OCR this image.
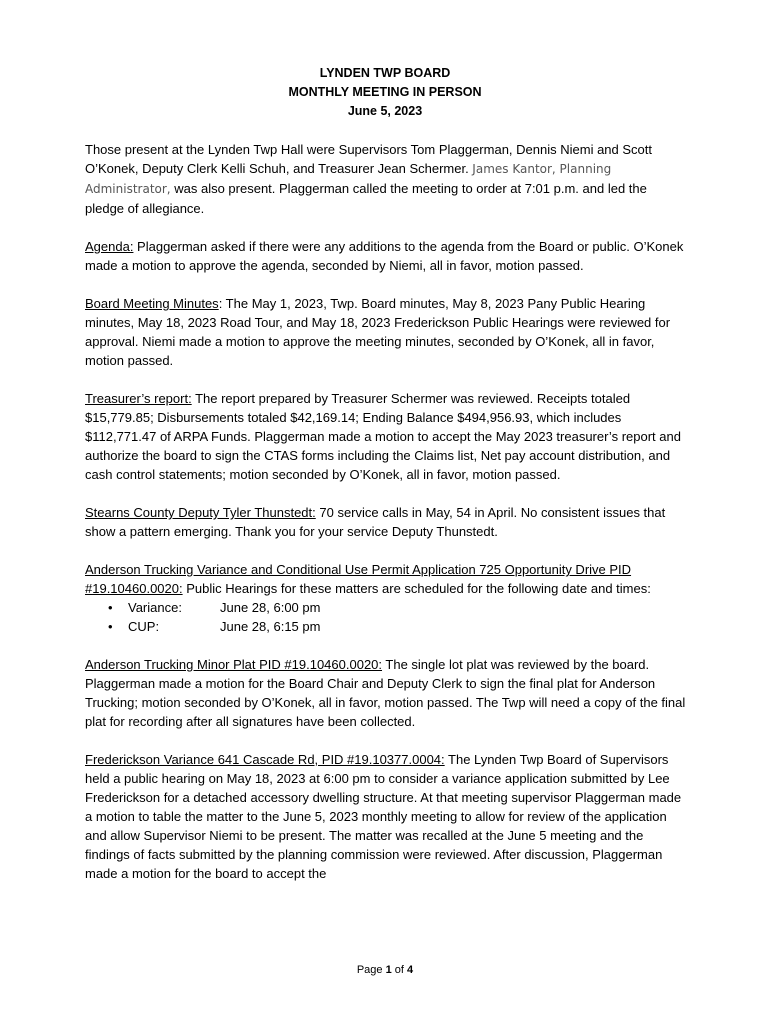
LYNDEN TWP BOARD
MONTHLY MEETING IN PERSON
June 5, 2023

Those present at the Lynden Twp Hall were Supervisors Tom Plaggerman, Dennis Niemi and Scott O’Konek, Deputy Clerk Kelli Schuh, and Treasurer Jean Schermer. James Kantor, Planning Administrator, was also present. Plaggerman called the meeting to order at 7:01 p.m. and led the pledge of allegiance.

Agenda: Plaggerman asked if there were any additions to the agenda from the Board or public. O’Konek made a motion to approve the agenda, seconded by Niemi, all in favor, motion passed.

Board Meeting Minutes: The May 1, 2023, Twp. Board minutes, May 8, 2023 Pany Public Hearing minutes, May 18, 2023 Road Tour, and May 18, 2023 Frederickson Public Hearings were reviewed for approval. Niemi made a motion to approve the meeting minutes, seconded by O’Konek, all in favor, motion passed.

Treasurer’s report: The report prepared by Treasurer Schermer was reviewed. Receipts totaled $15,779.85; Disbursements totaled $42,169.14; Ending Balance $494,956.93, which includes $112,771.47 of ARPA Funds. Plaggerman made a motion to accept the May 2023 treasurer’s report and authorize the board to sign the CTAS forms including the Claims list, Net pay account distribution, and cash control statements; motion seconded by O’Konek, all in favor, motion passed.

Stearns County Deputy Tyler Thunstedt: 70 service calls in May, 54 in April. No consistent issues that show a pattern emerging. Thank you for your service Deputy Thunstedt.

Anderson Trucking Variance and Conditional Use Permit Application 725 Opportunity Drive PID #19.10460.0020: Public Hearings for these matters are scheduled for the following date and times:

• Variance:	June 28, 6:00 pm
• CUP:	June 28, 6:15 pm

Anderson Trucking Minor Plat PID #19.10460.0020: The single lot plat was reviewed by the board. Plaggerman made a motion for the Board Chair and Deputy Clerk to sign the final plat for Anderson Trucking; motion seconded by O’Konek, all in favor, motion passed. The Twp will need a copy of the final plat for recording after all signatures have been collected.

Frederickson Variance 641 Cascade Rd, PID #19.10377.0004: The Lynden Twp Board of Supervisors held a public hearing on May 18, 2023 at 6:00 pm to consider a variance application submitted by Lee Frederickson for a detached accessory dwelling structure. At that meeting supervisor Plaggerman made a motion to table the matter to the June 5, 2023 monthly meeting to allow for review of the application and allow Supervisor Niemi to be present. The matter was recalled at the June 5 meeting and the findings of facts submitted by the planning commission were reviewed. After discussion, Plaggerman made a motion for the board to accept the

Page 1 of 4
